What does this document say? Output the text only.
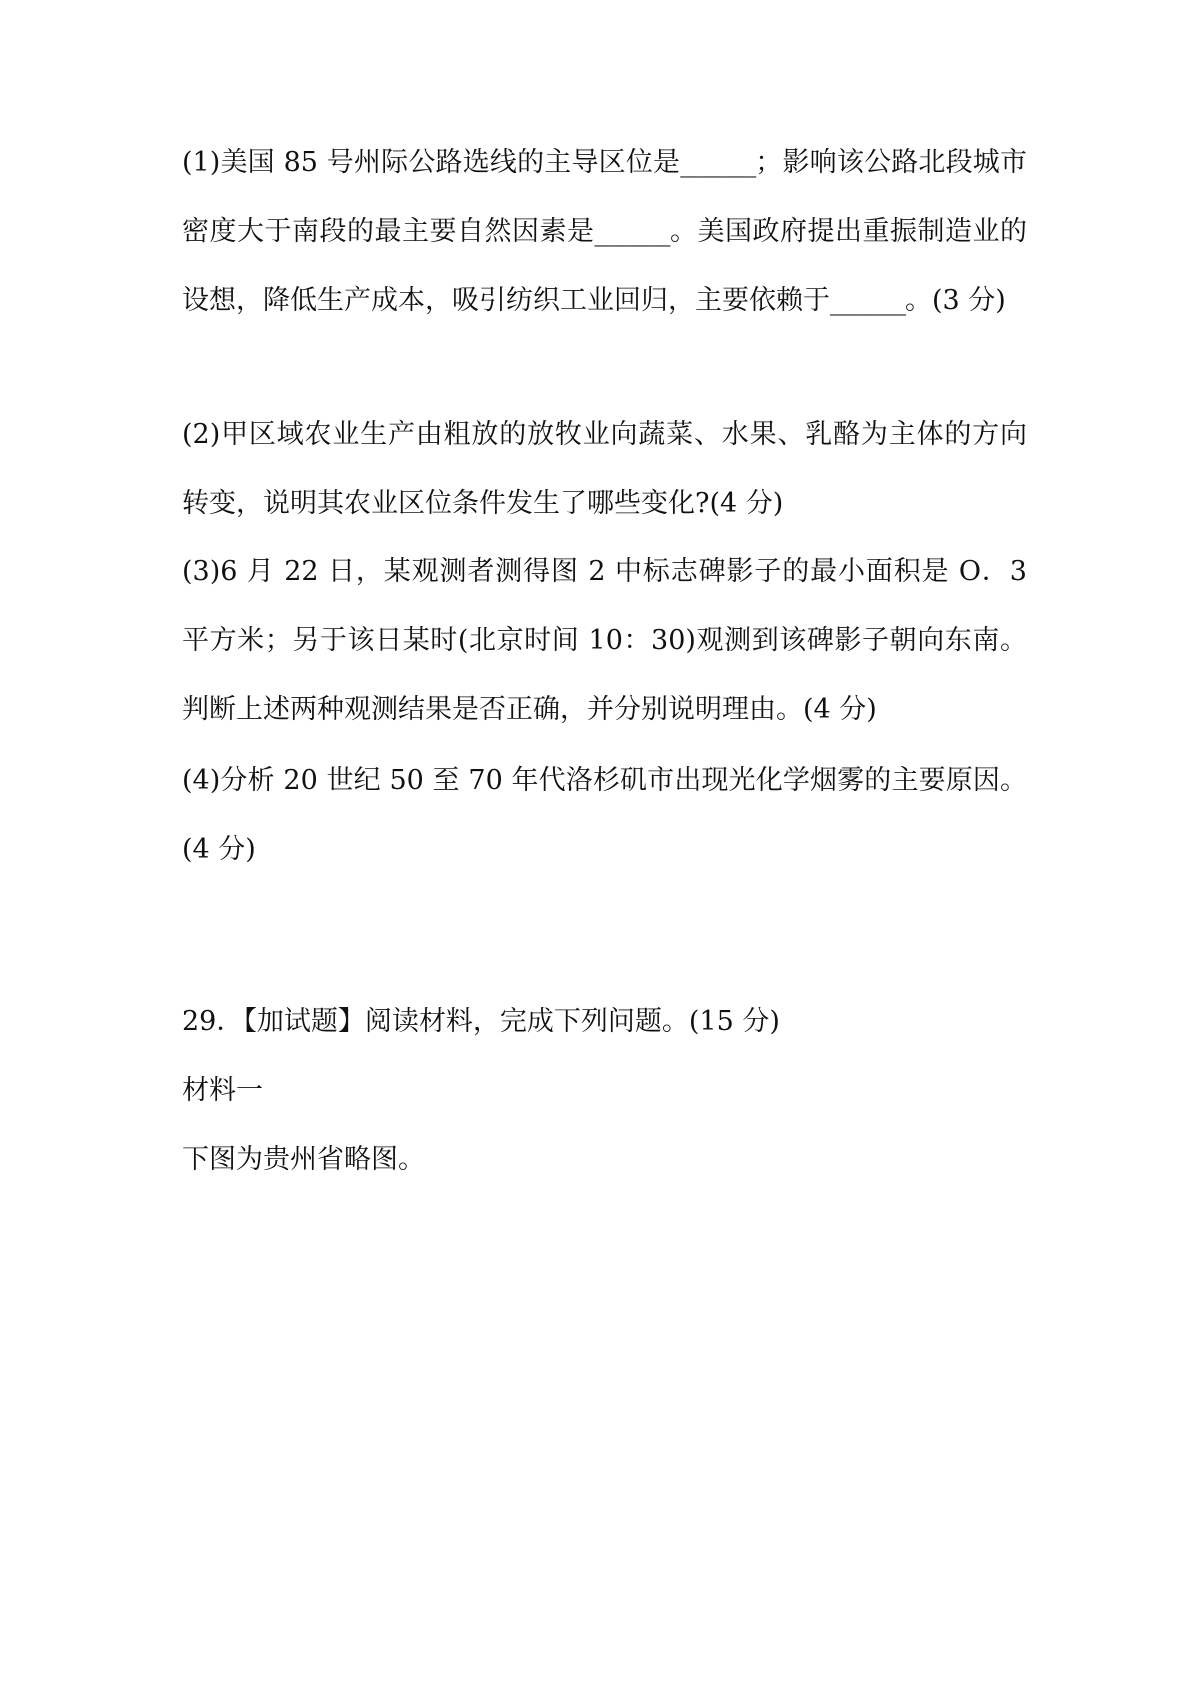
(1)美国 85 号州际公路选线的主导区位是______；影响该公路北段城市密度大于南段的最主要自然因素是______。美国政府提出重振制造业的设想，降低生产成本，吸引纺织工业回归，主要依赖于______。(3 分)

(2)甲区域农业生产由粗放的放牧业向蔬菜、水果、乳酪为主体的方向转变，说明其农业区位条件发生了哪些变化?(4 分)

(3)6 月 22 日，某观测者测得图 2 中标志碑影子的最小面积是 O．3 平方米；另于该日某时(北京时间 10：30)观测到该碑影子朝向东南。判断上述两种观测结果是否正确，并分别说明理由。(4 分)

(4)分析 20 世纪 50 至 70 年代洛杉矶市出现光化学烟雾的主要原因。(4 分)

29．【加试题】阅读材料，完成下列问题。(15 分)

材料一

下图为贵州省略图。
